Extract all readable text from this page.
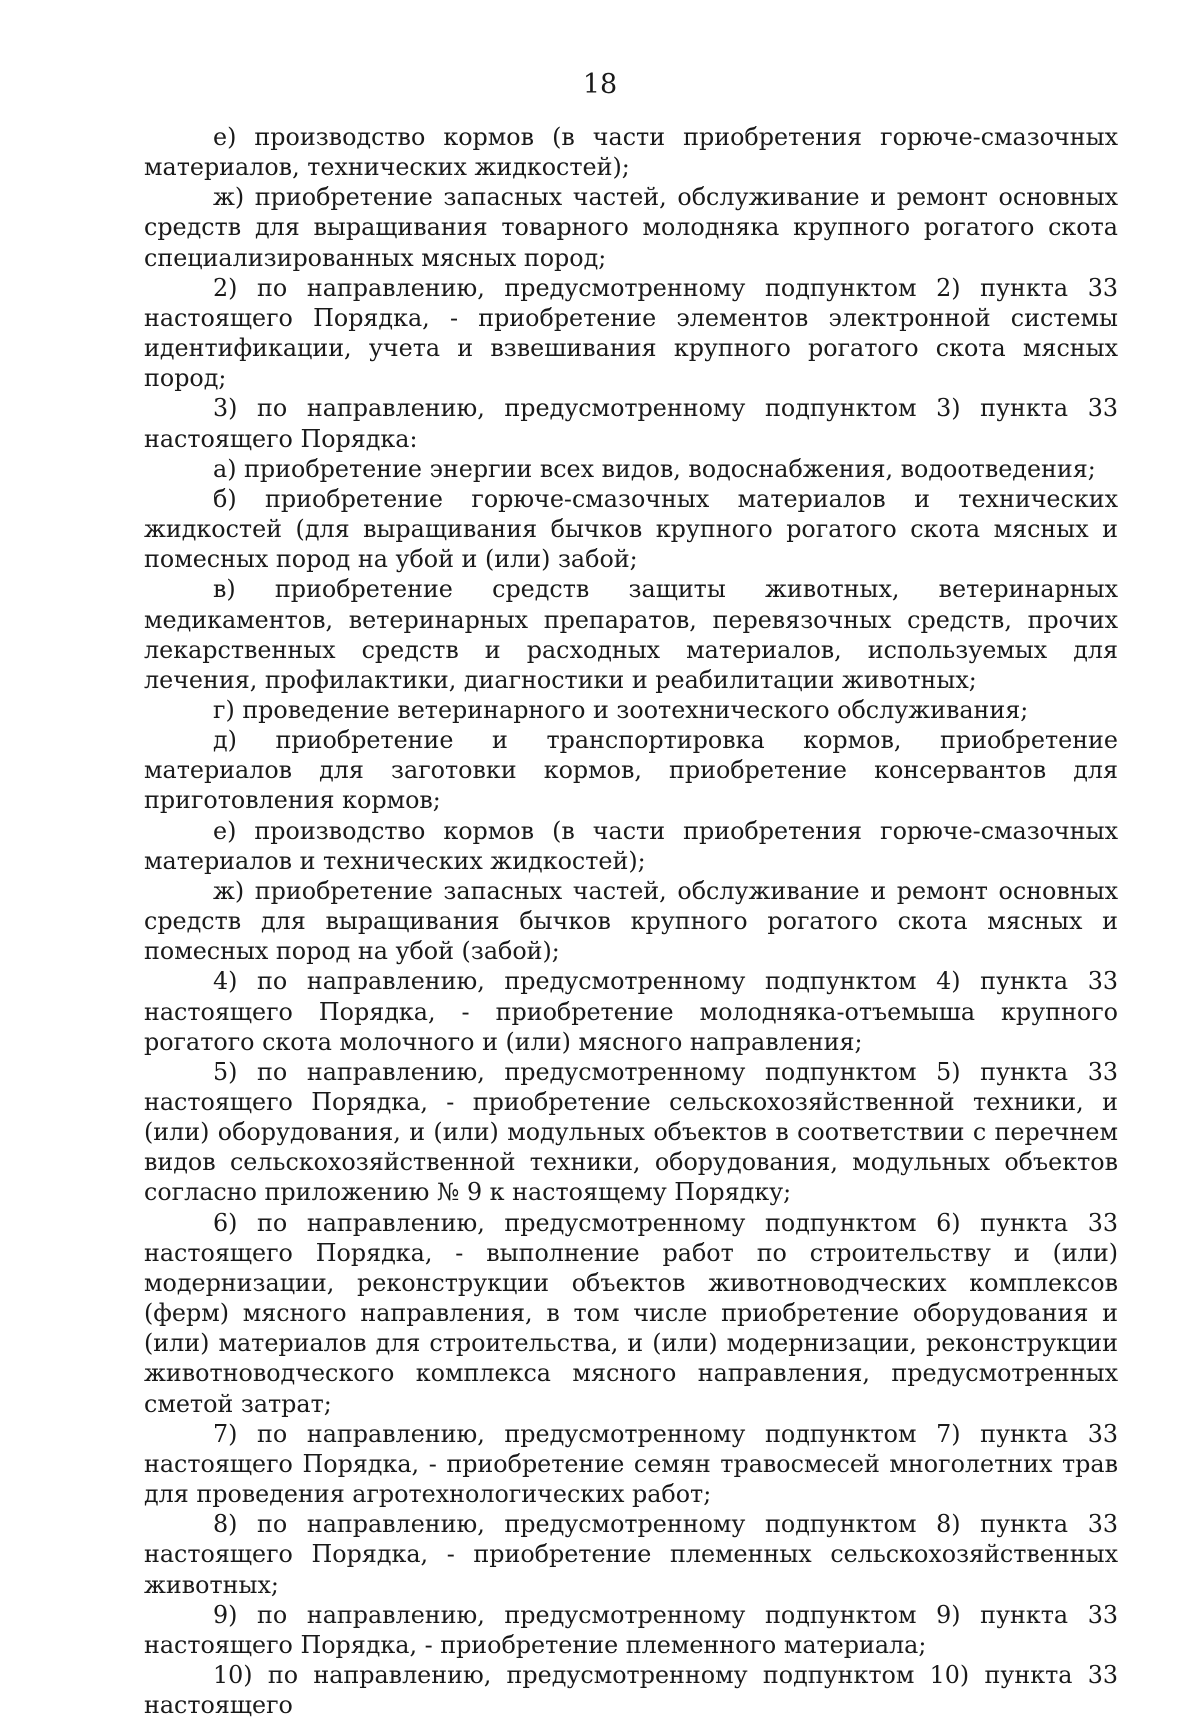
18

е) производство кормов (в части приобретения горюче-смазочных материалов, технических жидкостей);

ж) приобретение запасных частей, обслуживание и ремонт основных средств для выращивания товарного молодняка крупного рогатого скота специализированных мясных пород;

2) по направлению, предусмотренному подпунктом 2) пункта 33 настоящего Порядка, - приобретение элементов электронной системы идентификации, учета и взвешивания крупного рогатого скота мясных пород;

3) по направлению, предусмотренному подпунктом 3) пункта 33 настоящего Порядка:

а) приобретение энергии всех видов, водоснабжения, водоотведения;

б) приобретение горюче-смазочных материалов и технических жидкостей (для выращивания бычков крупного рогатого скота мясных и помесных пород на убой и (или) забой;

в) приобретение средств защиты животных, ветеринарных медикаментов, ветеринарных препаратов, перевязочных средств, прочих лекарственных средств и расходных материалов, используемых для лечения, профилактики, диагностики и реабилитации животных;

г) проведение ветеринарного и зоотехнического обслуживания;

д) приобретение и транспортировка кормов, приобретение материалов для заготовки кормов, приобретение консервантов для приготовления кормов;

е) производство кормов (в части приобретения горюче-смазочных материалов и технических жидкостей);

ж) приобретение запасных частей, обслуживание и ремонт основных средств для выращивания бычков крупного рогатого скота мясных и помесных пород на убой (забой);

4) по направлению, предусмотренному подпунктом 4) пункта 33 настоящего Порядка, - приобретение молодняка-отъемыша крупного рогатого скота молочного и (или) мясного направления;

5) по направлению, предусмотренному подпунктом 5) пункта 33 настоящего Порядка, - приобретение сельскохозяйственной техники, и (или) оборудования, и (или) модульных объектов в соответствии с перечнем видов сельскохозяйственной техники, оборудования, модульных объектов согласно приложению № 9 к настоящему Порядку;

6) по направлению, предусмотренному подпунктом 6) пункта 33 настоящего Порядка, - выполнение работ по строительству и (или) модернизации, реконструкции объектов животноводческих комплексов (ферм) мясного направления, в том числе приобретение оборудования и (или) материалов для строительства, и (или) модернизации, реконструкции животноводческого комплекса мясного направления, предусмотренных сметой затрат;

7) по направлению, предусмотренному подпунктом 7) пункта 33 настоящего Порядка, - приобретение семян травосмесей многолетних трав для проведения агротехнологических работ;

8) по направлению, предусмотренному подпунктом 8) пункта 33 настоящего Порядка, - приобретение племенных сельскохозяйственных животных;

9) по направлению, предусмотренному подпунктом 9) пункта 33 настоящего Порядка, - приобретение племенного материала;

10) по направлению, предусмотренному подпунктом 10) пункта 33 настоящего
